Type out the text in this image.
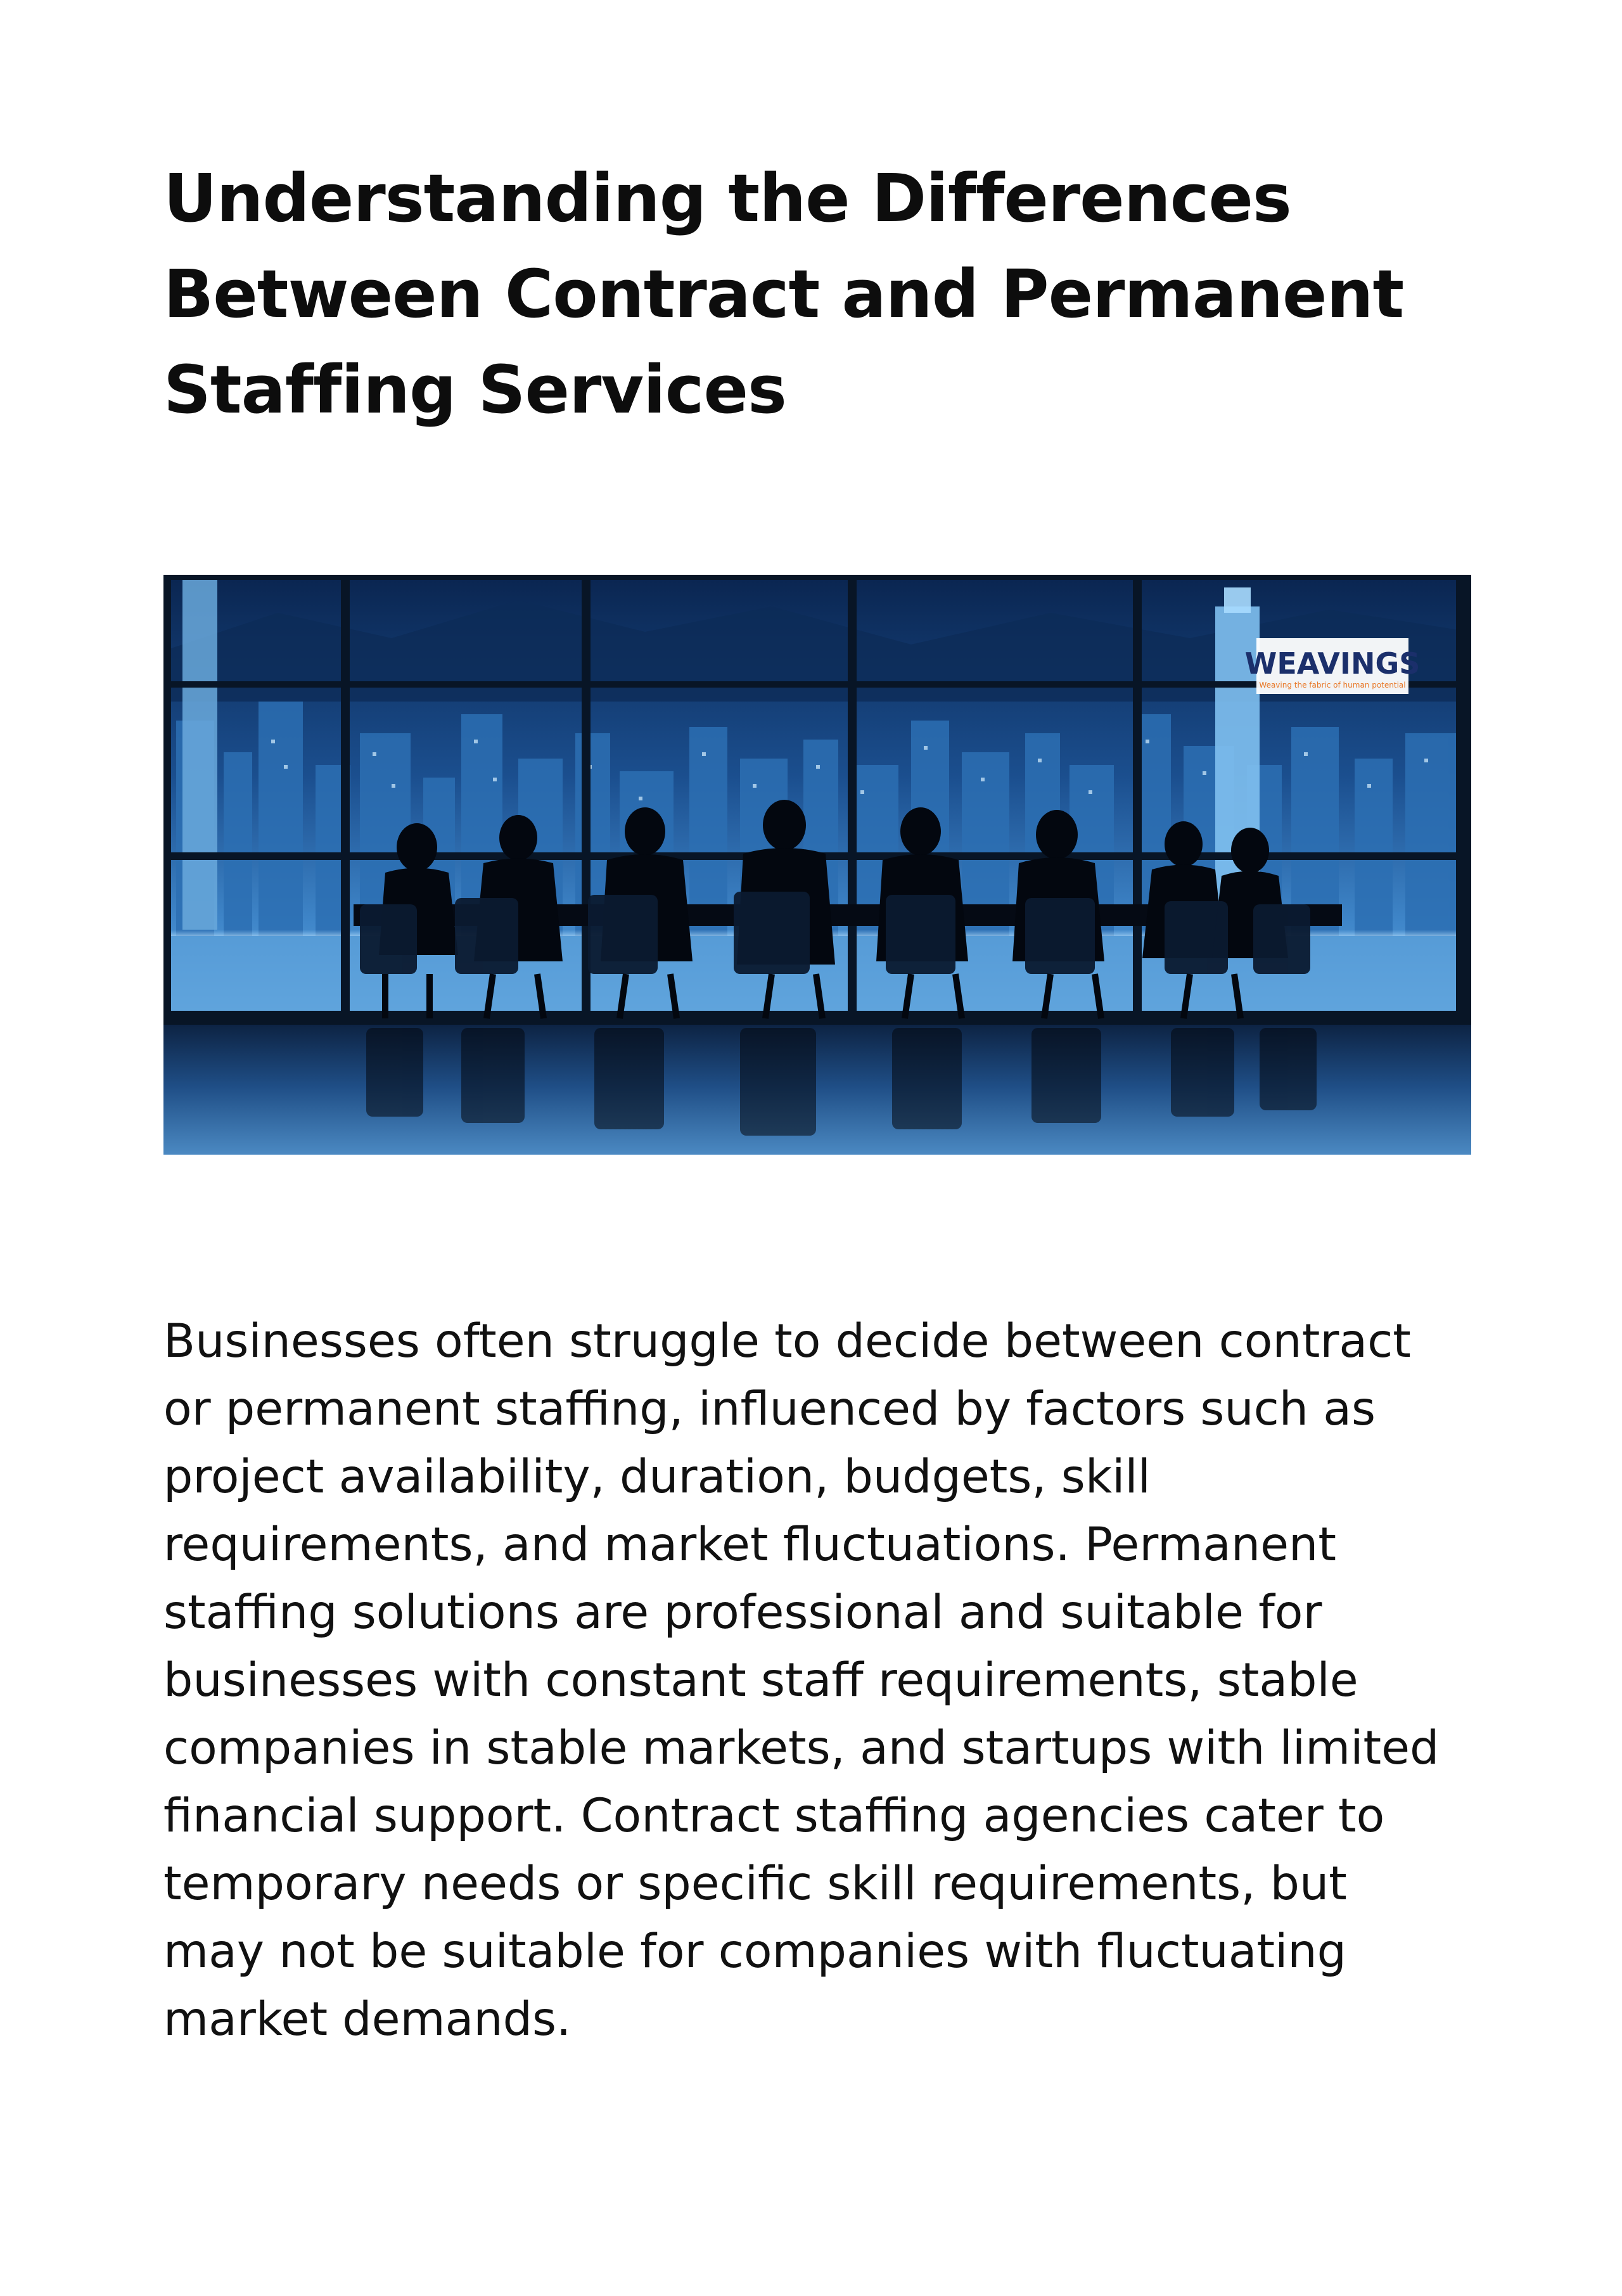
Understanding the Differences
Between Contract and Permanent
Staffing Services
WEAVINGS
Weaving the fabric of human potential

Businesses often struggle to decide between contract
or permanent staffing, influenced by factors such as
project availability, duration, budgets, skill
requirements, and market fluctuations. Permanent
staffing solutions are professional and suitable for
businesses with constant staff requirements, stable
companies in stable markets, and startups with limited
financial support. Contract staffing agencies cater to
temporary needs or specific skill requirements, but
may not be suitable for companies with fluctuating
market demands.
